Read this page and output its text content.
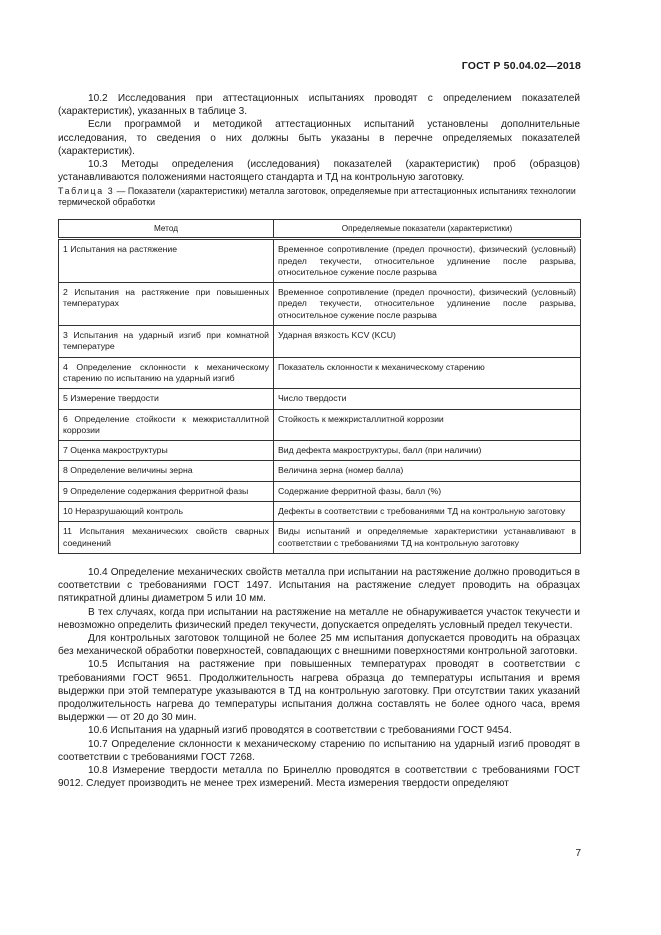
ГОСТ Р 50.04.02—2018

10.2 Исследования при аттестационных испытаниях проводят с определением показателей (характеристик), указанных в таблице 3.

Если программой и методикой аттестационных испытаний установлены дополнительные исследования, то сведения о них должны быть указаны в перечне определяемых показателей (характеристик).

10.3 Методы определения (исследования) показателей (характеристик) проб (образцов) устанавливаются положениями настоящего стандарта и ТД на контрольную заготовку.

Таблица 3 — Показатели (характеристики) металла заготовок, определяемые при аттестационных испытаниях технологии термической обработки
Метод	Определяемые показатели (характеристики)
1 Испытания на растяжение	Временное сопротивление (предел прочности), физический (условный) предел текучести, относительное удлинение после разрыва, относительное сужение после разрыва
2 Испытания на растяжение при повышенных температурах	Временное сопротивление (предел прочности), физический (условный) предел текучести, относительное удлинение после разрыва, относительное сужение после разрыва
3 Испытания на ударный изгиб при комнатной температуре	Ударная вязкость KCV (KCU)
4 Определение склонности к механическому старению по испытанию на ударный изгиб	Показатель склонности к механическому старению
5 Измерение твердости	Число твердости
6 Определение стойкости к межкристаллитной коррозии	Стойкость к межкристаллитной коррозии
7 Оценка макроструктуры	Вид дефекта макроструктуры, балл (при наличии)
8 Определение величины зерна	Величина зерна (номер балла)
9 Определение содержания ферритной фазы	Содержание ферритной фазы, балл (%)
10 Неразрушающий контроль	Дефекты в соответствии с требованиями ТД на контрольную заготовку
11 Испытания механических свойств сварных соединений	Виды испытаний и определяемые характеристики устанавливают в соответствии с требованиями ТД на контрольную заготовку

10.4 Определение механических свойств металла при испытании на растяжение должно проводиться в соответствии с требованиями ГОСТ 1497. Испытания на растяжение следует проводить на образцах пятикратной длины диаметром 5 или 10 мм.

В тех случаях, когда при испытании на растяжение на металле не обнаруживается участок текучести и невозможно определить физический предел текучести, допускается определять условный предел текучести.

Для контрольных заготовок толщиной не более 25 мм испытания допускается проводить на образцах без механической обработки поверхностей, совпадающих с внешними поверхностями контрольной заготовки.

10.5 Испытания на растяжение при повышенных температурах проводят в соответствии с требованиями ГОСТ 9651. Продолжительность нагрева образца до температуры испытания и время выдержки при этой температуре указываются в ТД на контрольную заготовку. При отсутствии таких указаний продолжительность нагрева до температуры испытания должна составлять не более одного часа, время выдержки — от 20 до 30 мин.

10.6 Испытания на ударный изгиб проводятся в соответствии с требованиями ГОСТ 9454.

10.7 Определение склонности к механическому старению по испытанию на ударный изгиб проводят в соответствии с требованиями ГОСТ 7268.

10.8 Измерение твердости металла по Бринеллю проводятся в соответствии с требованиями ГОСТ 9012. Следует производить не менее трех измерений. Места измерения твердости определяют

7
